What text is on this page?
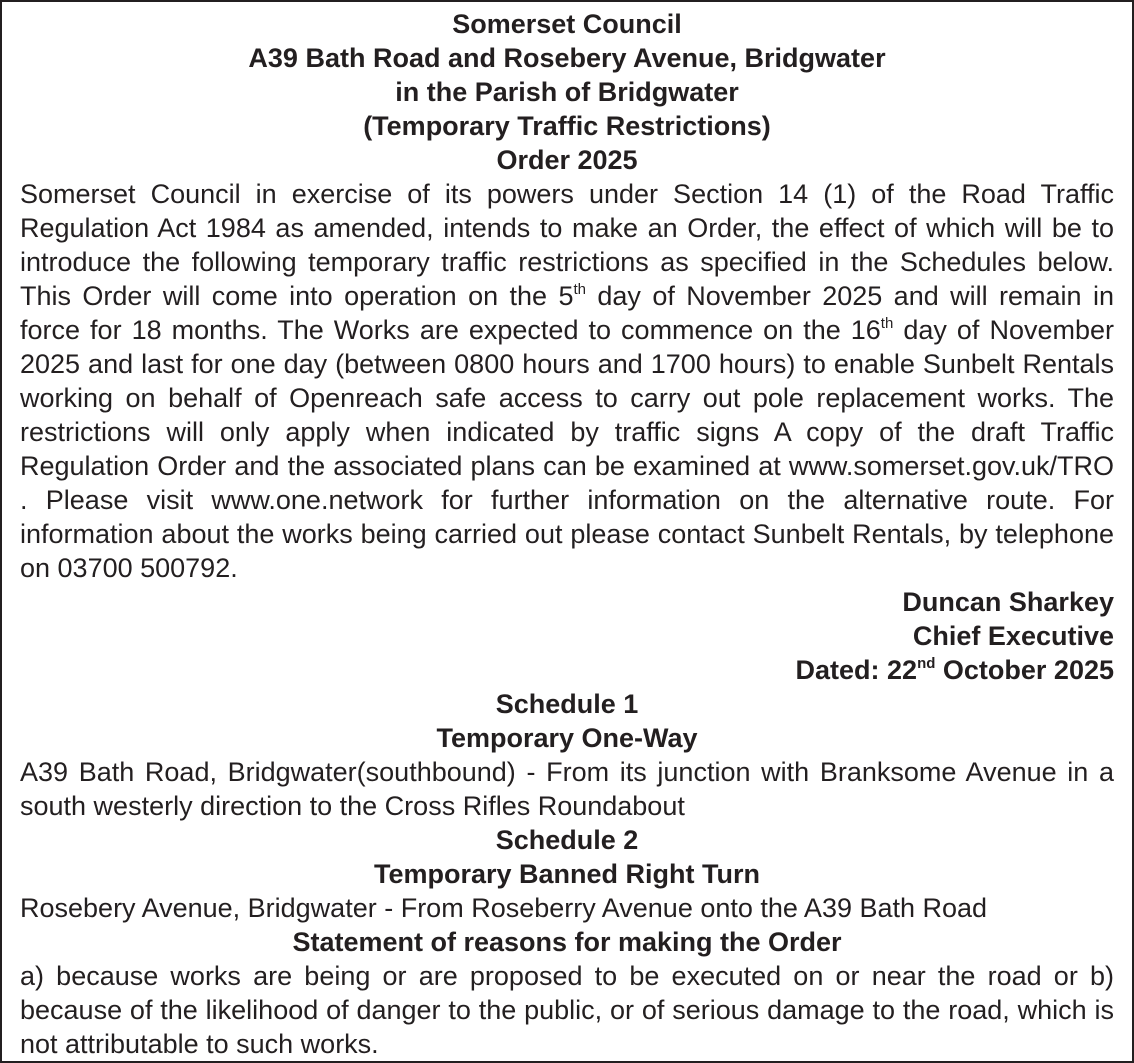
Somerset Council

A39 Bath Road and Rosebery Avenue, Bridgwater

in the Parish of Bridgwater

(Temporary Traffic Restrictions)

Order 2025

Somerset Council in exercise of its powers under Section 14 (1) of the Road Traffic Regulation Act 1984 as amended, intends to make an Order, the effect of which will be to introduce the following temporary traffic restrictions as specified in the Schedules below. This Order will come into operation on the 5th day of November 2025 and will remain in force for 18 months. The Works are expected to commence on the 16th day of November 2025 and last for one day (between 0800 hours and 1700 hours) to enable Sunbelt Rentals working on behalf of Openreach safe access to carry out pole replacement works. The restrictions will only apply when indicated by traffic signs A copy of the draft Traffic Regulation Order and the associated plans can be examined at www.somerset.gov.uk/TRO . Please visit www.one.network for further information on the alternative route. For information about the works being carried out please contact Sunbelt Rentals, by telephone on 03700 500792.

Duncan Sharkey

Chief Executive

Dated: 22nd October 2025

Schedule 1

Temporary One-Way

A39 Bath Road, Bridgwater(southbound) - From its junction with Branksome Avenue in a south westerly direction to the Cross Rifles Roundabout

Schedule 2

Temporary Banned Right Turn

Rosebery Avenue, Bridgwater - From Roseberry Avenue onto the A39 Bath Road

Statement of reasons for making the Order

a) because works are being or are proposed to be executed on or near the road or b) because of the likelihood of danger to the public, or of serious damage to the road, which is not attributable to such works.
